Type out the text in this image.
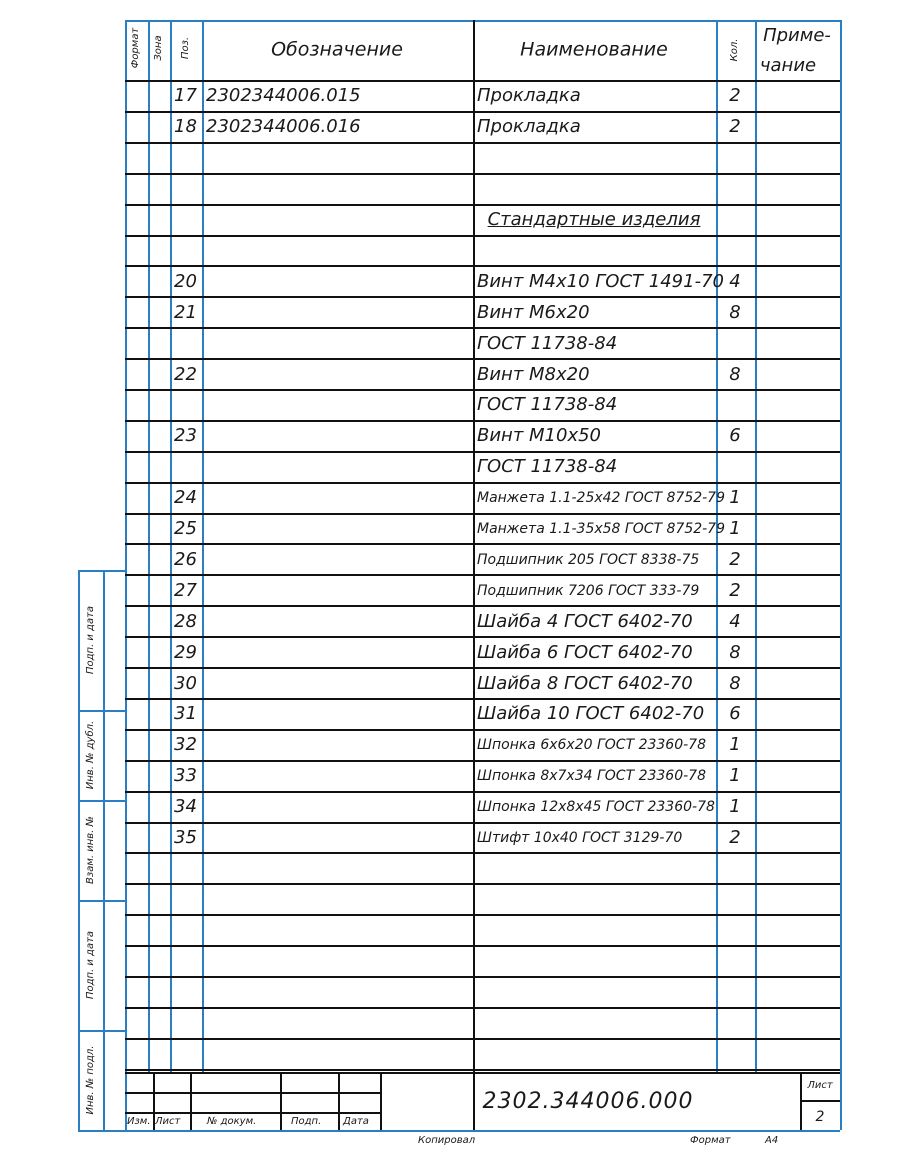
Формат Зона Поз.	Обозначение	Наименование	Кол.
Приме-
чание
17 2302344006.015	Прокладка	2
18 2302344006.016	Прокладка	2
Стандартные изделия
20	Винт М4х10 ГОСТ 1491-70 4
21	Винт М6х20	8
ГОСТ 11738-84
22	Винт М8х20	8
ГОСТ 11738-84
23	Винт М10х50	6
ГОСТ 11738-84
24	Манжета 1.1-25х42 ГОСТ 8752-79 1
25	Манжета 1.1-35х58 ГОСТ 8752-79 1
26	Подшипник 205 ГОСТ 8338-75 2
27	Подшипник 7206 ГОСТ 333-79 2
28	Шайба 4 ГОСТ 6402-70 4
29	Шайба 6 ГОСТ 6402-70 8
30	Шайба 8 ГОСТ 6402-70 8
31	Шайба 10 ГОСТ 6402-70 6
32	Шпонка 6х6х20 ГОСТ 23360-78 1
33	Шпонка 8х7х34 ГОСТ 23360-78 1
34	Шпонка 12х8х45 ГОСТ 23360-78 1
35	Штифт 10х40 ГОСТ 3129-70	2
Подп. и дата
Инв. № дубл.
Взам. инв. №
Подп. и дата
Инв. № подл.	2302.344006.000
Изм. Лист	№ докум.	Подп. Дата
Лист
2
Копировал	Формат	А4
